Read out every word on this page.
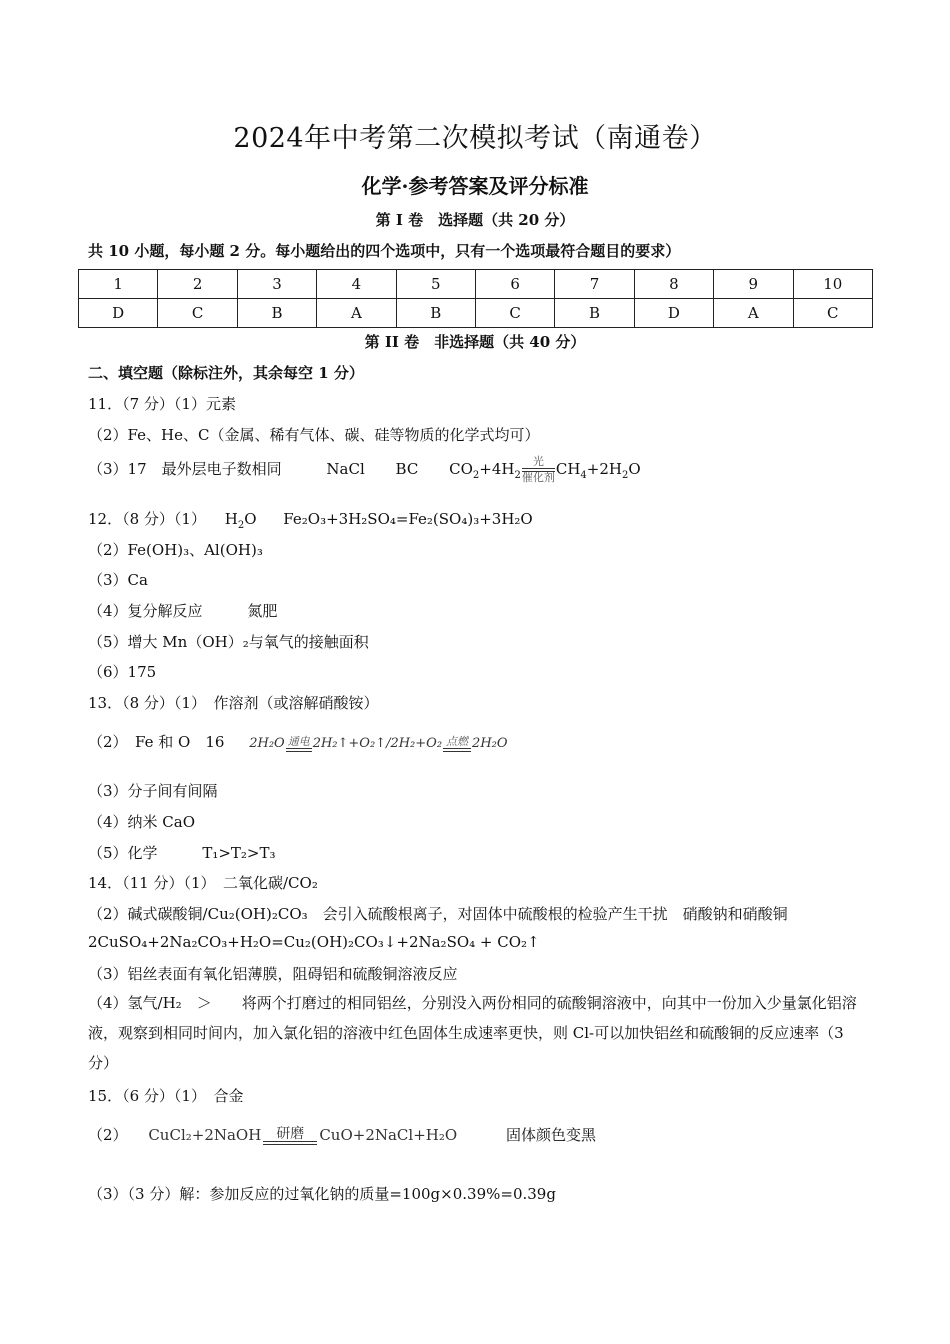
2024年中考第二次模拟考试（南通卷）
化学·参考答案及评分标准
第 I 卷　选择题（共 20 分）
共 10 小题，每小题 2 分。每小题给出的四个选项中，只有一个选项最符合题目的要求）
1	2	3	4	5	6	7	8	9	10
D	C	B	A	B	C	B	D	A	C
第 II 卷　非选择题（共 40 分）
二、填空题（除标注外，其余每空 1 分）
11．（7 分）（1）元素
（2）Fe、He、C（金属、稀有气体、碳、硅等物质的化学式均可）
（3）17　最外层电子数相同	NaCl BC $CO_2+4H_2$
光
催化剂 $CH_4+2H_2O$
12．（8 分）（1） $H_2O$ Fe₂O₃+3H₂SO₄=Fe₂(SO₄)₃+3H₂O
（2）Fe(OH)₃、Al(OH)₃
（3）Ca
（4）复分解反应	氮肥
（5）增大 Mn（OH）₂与氧气的接触面积
（6）175
13．（8 分）（1）　作溶剂（或溶解硝酸铵）
（2）　Fe 和 O　16 2H₂O 通电 2H₂↑+O₂↑/2H₂+O₂ 点燃 2H₂O
（3）分子间有间隔
（4）纳米 CaO
（5）化学	T₁>T₂>T₃
14．（11 分）（1）　二氧化碳/CO₂
（2）碱式碳酸铜/Cu₂(OH)₂CO₃　会引入硫酸根离子，对固体中硫酸根的检验产生干扰　硝酸钠和硝酸铜
2CuSO₄+2Na₂CO₃+H₂O=Cu₂(OH)₂CO₃↓+2Na₂SO₄ + CO₂↑
（3）铝丝表面有氧化铝薄膜，阻碍铝和硫酸铜溶液反应
（4）氢气/H₂　＞　　将两个打磨过的相同铝丝，分别没入两份相同的硫酸铜溶液中，向其中一份加入少量氯化铝溶液，观察到相同时间内，加入氯化铝的溶液中红色固体生成速率更快，则 Cl-可以加快铝丝和硫酸铜的反应速率（3 分）
15．（6 分）（1）　合金
（2） CuCl₂+2NaOH	研磨	CuO+2NaCl+H₂O	固体颜色变黑
（3）（3 分）解：参加反应的过氧化钠的质量=100g×0.39%=0.39g
